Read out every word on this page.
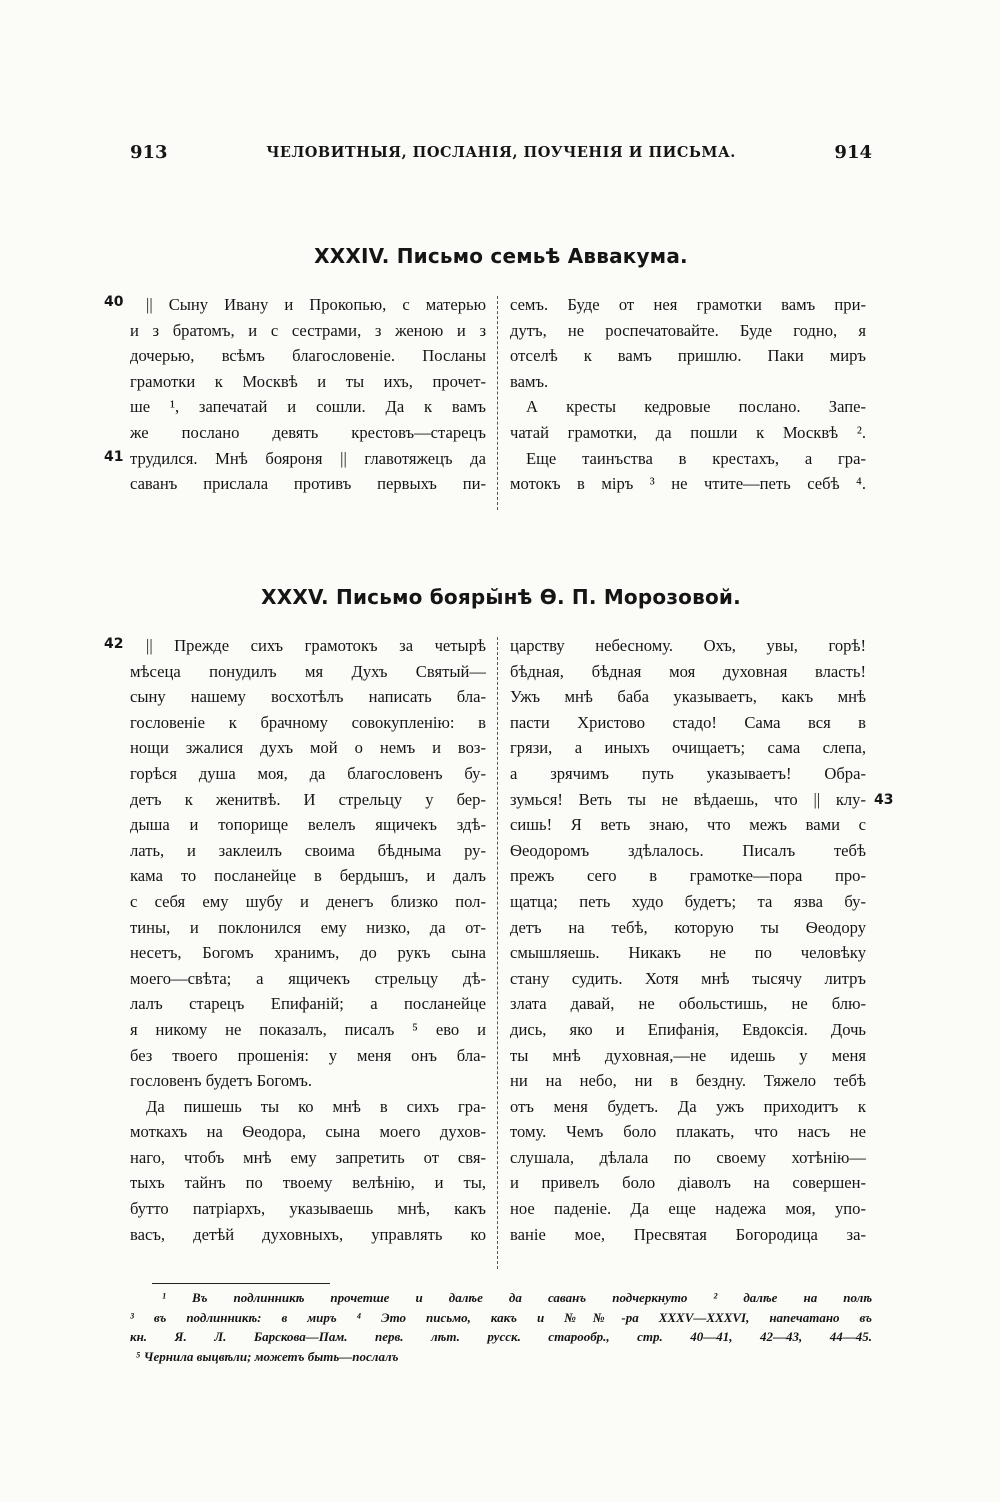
913	ЧЕЛОВИТНЫЯ, ПОСЛАНІЯ, ПОУЧЕНІЯ И ПИСЬМА.	914
XXXIV. Письмо семьѣ Аввакума.
40
41
|| Сыну Ивану и Прокопью, с матерью
и з братомъ, и с сестрами, з женою и з
дочерью, всѣмъ благословеніе. Посланы
грамотки к Москвѣ и ты ихъ, прочет-
ше ¹, запечатай и сошли. Да к вамъ
же послано девять крестовъ—старецъ
трудился. Мнѣ бояроня || главотяжецъ да
саванъ прислала противъ первыхъ пи-
семъ. Буде от нея грамотки вамъ при-
дутъ, не роспечатовайте. Буде годно, я
отселѣ к вамъ пришлю. Паки миръ
вамъ.
А кресты кедровые послано. Запе-
чатай грамотки, да пошли к Москвѣ ².
Еще таинъства в крестахъ, а гра-
мотокъ в міръ ³ не чтите—петь себѣ ⁴.
XXXV. Письмо бояры̆нѣ Ѳ. П. Морозовой.
42
43
|| Прежде сихъ грамотокъ за четырѣ
мѣсеца понудилъ мя Духъ Святый—
сыну нашему восхотѣлъ написать бла-
гословеніе к брачному совокупленію: в
нощи зжалися духъ мой о немъ и воз-
горѣся душа моя, да благословенъ бу-
детъ к женитвѣ. И стрельцу у бер-
дыша и топорище велелъ ящичекъ здѣ-
лать, и заклеилъ своима бѣдныма ру-
кама то посланейце в бердышъ, и далъ
с себя ему шубу и денегъ близко пол-
тины, и поклонился ему низко, да от-
несетъ, Богомъ хранимъ, до рукъ сына
моего—свѣта; а ящичекъ стрельцу дѣ-
лалъ старецъ Епифаній; а посланейце
я никому не показалъ, писалъ ⁵ ево и
без твоего прошенія: у меня онъ бла-
гословенъ будетъ Богомъ.
Да пишешь ты ко мнѣ в сихъ гра-
моткахъ на Ѳеодора, сына моего духов-
наго, чтобъ мнѣ ему запретить от свя-
тыхъ тайнъ по твоему велѣнію, и ты,
бутто патріархъ, указываешь мнѣ, какъ
васъ, детѣй духовныхъ, управлять ко
царству небесному. Охъ, увы, горѣ!
бѣдная, бѣдная моя духовная власть!
Ужъ мнѣ баба указываетъ, какъ мнѣ
пасти Христово стадо! Сама вся в
грязи, а иныхъ очищаетъ; сама слепа,
а зрячимъ путь указываетъ! Обра-
зумься! Веть ты не вѣдаешь, что || клу-
сишь! Я веть знаю, что межъ вами с
Ѳеодоромъ здѣлалось. Писалъ тебѣ
прежъ сего в грамотке—пора про-
щатца; петь худо будетъ; та язва бу-
детъ на тебѣ, которую ты Ѳеодору
смышляешь. Никакъ не по человѣку
стану судить. Хотя мнѣ тысячу литръ
злата давай, не обольстишь, не блю-
дись, яко и Епифанія, Евдоксія. Дочь
ты мнѣ духовная,—не идешь у меня
ни на небо, ни в бездну. Тяжело тебѣ
отъ меня будетъ. Да ужъ приходитъ к
тому. Чемъ боло плакать, что насъ не
слушала, дѣлала по своему хотѣнію—
и привелъ боло діаволъ на совершен-
ное паденіе. Да еще надежа моя, упо-
ваніе мое, Пресвятая Богородица за-
¹ Въ подлинникѣ прочетше и далѣе да саванъ подчеркнуто ² далѣе на полѣ
³ въ подлинникѣ: в миръ ⁴ Это письмо, какъ и №№-ра XXXV—XXXVI, напечатано въ
кн. Я. Л. Барскова—Пам. перв. лѣт. русск. старообр., стр. 40—41, 42—43, 44—45.
⁵ Чернила выцвѣли; можетъ быть—послалъ
